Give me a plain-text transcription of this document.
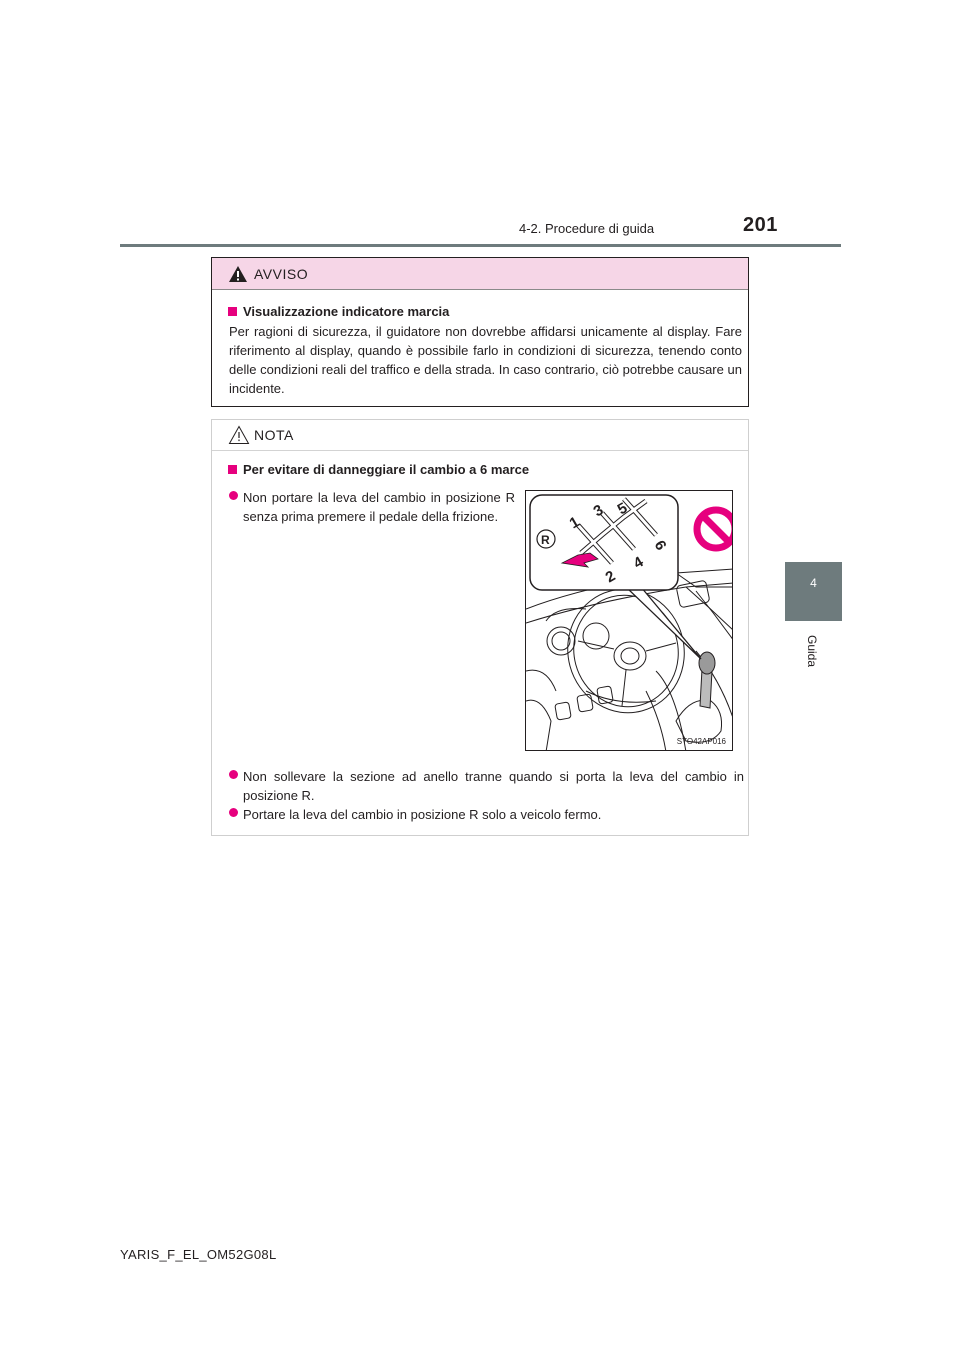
4-2. Procedure di guida	201
4
Guida
AVVISO
Visualizzazione indicatore marcia
Per ragioni di sicurezza, il guidatore non dovrebbe affidarsi unicamente al display. Fare riferimento al display, quando è possibile farlo in condizioni di sicurezza, tenendo conto delle condizioni reali del traffico e della strada. In caso contrario, ciò potrebbe causare un incidente.
NOTA
Per evitare di danneggiare il cambio a 6 marce
Non portare la leva del cambio in posizione R senza prima premere il pedale della frizione.
Non sollevare la sezione ad anello tranne quando si porta la leva del cambio in posizione R.
Portare la leva del cambio in posizione R solo a veicolo fermo.
R
1
2
3
4
5
6
STO42AP016
YARIS_F_EL_OM52G08L
